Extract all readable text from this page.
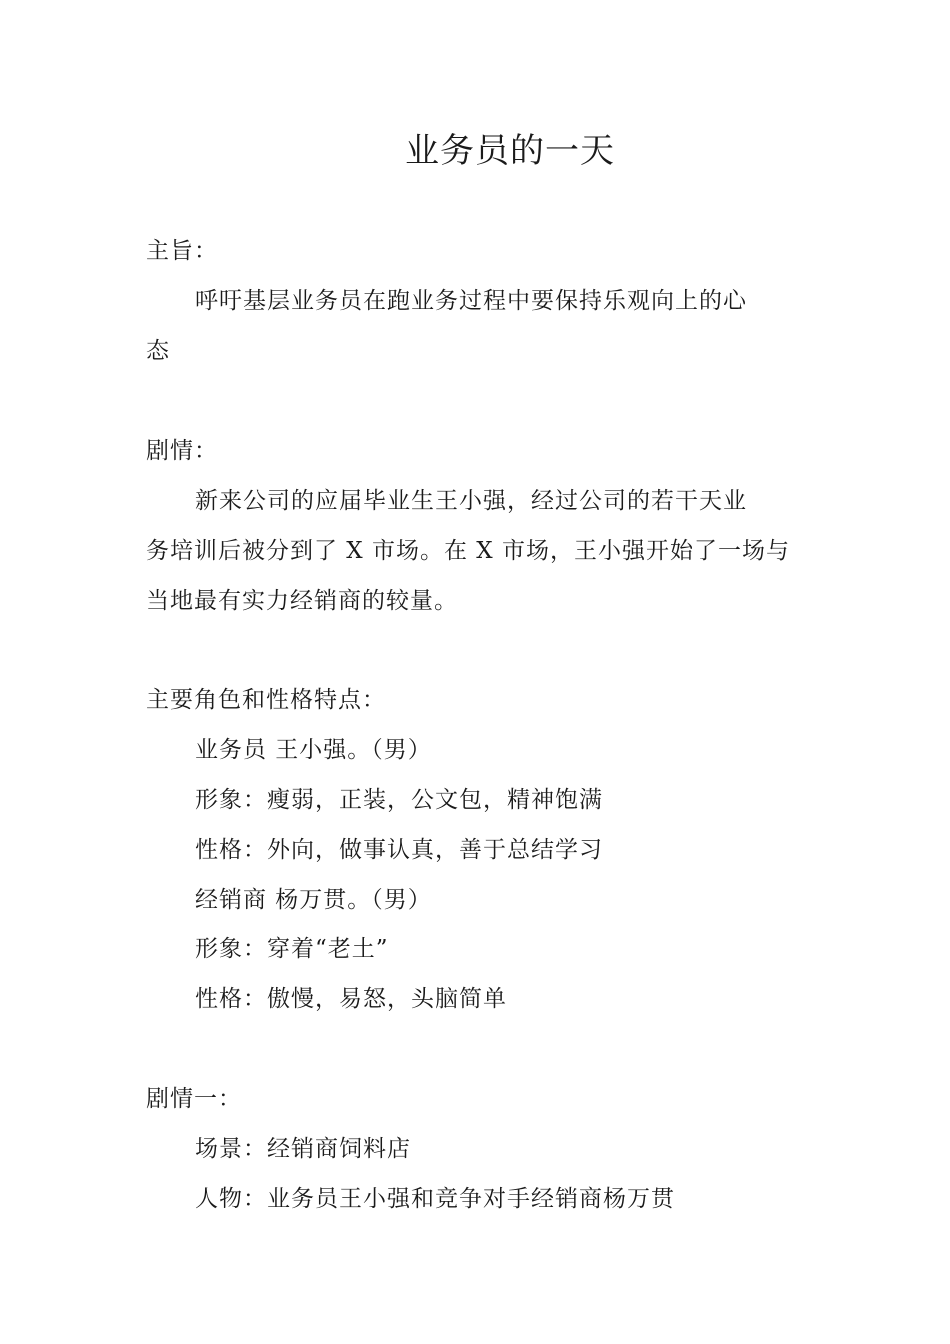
业务员的一天

主旨：

呼吁基层业务员在跑业务过程中要保持乐观向上的心

态

剧情：

新来公司的应届毕业生王小强，经过公司的若干天业

务培训后被分到了 X 市场。在 X 市场，王小强开始了一场与

当地最有实力经销商的较量。

主要角色和性格特点：

业务员 王小强。（男）

形象：瘦弱，正装，公文包，精神饱满

性格：外向，做事认真，善于总结学习

经销商 杨万贯。（男）

形象：穿着“老土”

性格：傲慢，易怒，头脑简单

剧情一：

场景：经销商饲料店

人物：业务员王小强和竞争对手经销商杨万贯
